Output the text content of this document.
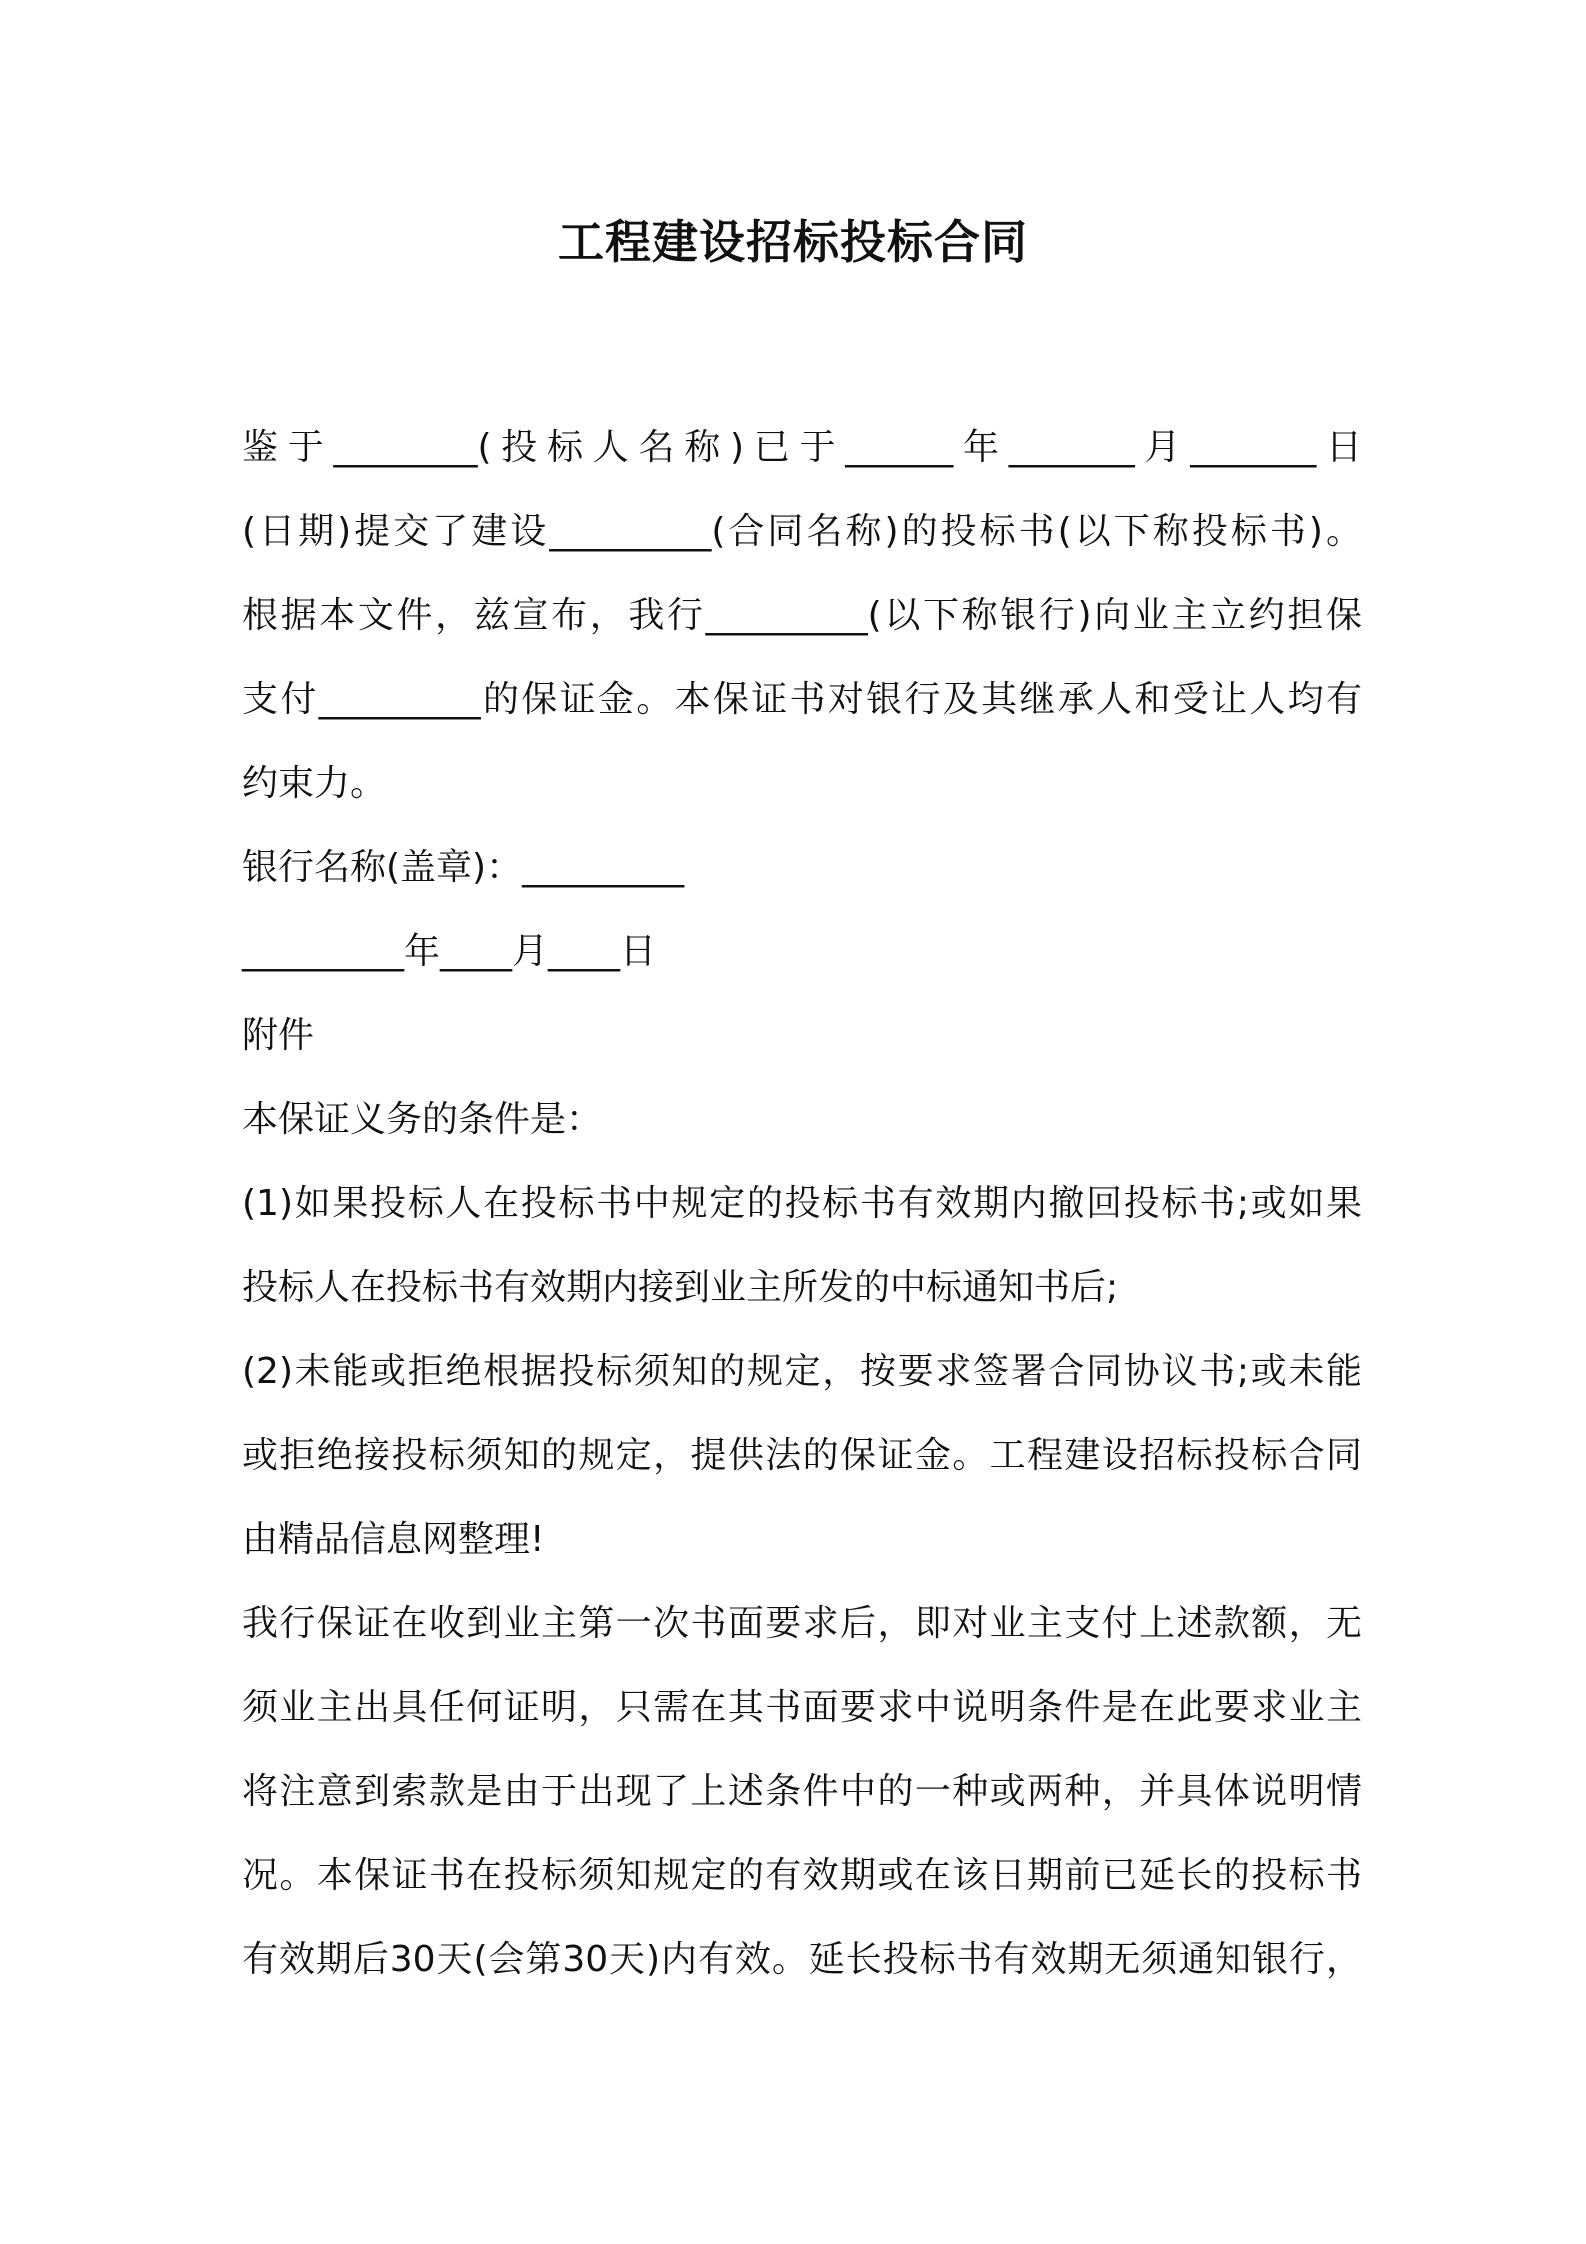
工程建设招标投标合同
鉴于________(投标人名称)已于______年_______月_______日
(日期)提交了建设_________(合同名称)的投标书(以下称投标书)。
根据本文件，兹宣布，我行_________(以下称银行)向业主立约担保
支付_________的保证金。本保证书对银行及其继承人和受让人均有
约束力。
银行名称(盖章)：_________
_________年____月____日
附件
本保证义务的条件是：
(1)如果投标人在投标书中规定的投标书有效期内撤回投标书;或如果
投标人在投标书有效期内接到业主所发的中标通知书后;
(2)未能或拒绝根据投标须知的规定，按要求签署合同协议书;或未能
或拒绝接投标须知的规定，提供法的保证金。工程建设招标投标合同
由精品信息网整理!
我行保证在收到业主第一次书面要求后，即对业主支付上述款额，无
须业主出具任何证明，只需在其书面要求中说明条件是在此要求业主
将注意到索款是由于出现了上述条件中的一种或两种，并具体说明情
况。本保证书在投标须知规定的有效期或在该日期前已延长的投标书
有效期后30天(会第30天)内有效。延长投标书有效期无须通知银行，
